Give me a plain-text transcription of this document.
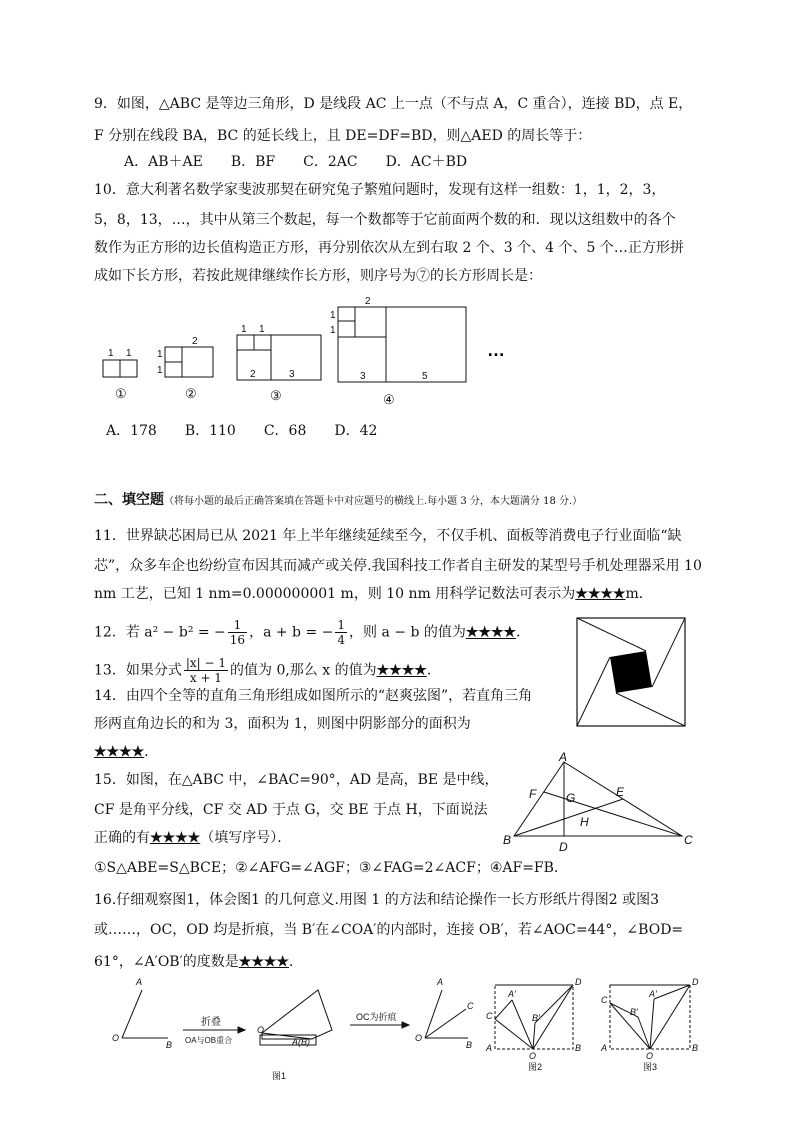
9．如图，△ABC 是等边三角形，D 是线段 AC 上一点（不与点 A，C 重合），连接 BD，点 E，
F 分别在线段 BA，BC 的延长线上，且 DE=DF=BD，则△AED 的周长等于：
A．AB＋AE　　B．BF　　C．2AC　　D．AC＋BD
10．意大利著名数学家斐波那契在研究兔子繁殖问题时，发现有这样一组数：1，1，2，3，
5，8，13，…，其中从第三个数起，每一个数都等于它前面两个数的和．现以这组数中的各个
数作为正方形的边长值构造正方形，再分别依次从左到右取 2 个、3 个、4 个、5 个…正方形拼
成如下长方形，若按此规律继续作长方形，则序号为⑦的长方形周长是：
1 1	1
1
2
1 1
2	3
2
1
1
3	5
①	②	③	④
…
A．178　　B．110　　C．68　　D．42
二、填空题（将每小题的最后正确答案填在答题卡中对应题号的横线上.每小题 3 分，本大题满分 18 分.）
11．世界缺芯困局已从 2021 年上半年继续延续至今，不仅手机、面板等消费电子行业面临“缺
芯”，众多车企也纷纷宣布因其而减产或关停.我国科技工作者自主研发的某型号手机处理器采用 10
nm 工艺，已知 1 nm=0.000000001 m，则 10 nm 用科学记数法可表示为★★★★m．
12．若 a² − b² = − $\frac{1}{16}$ ，a + b = − $\frac{1}{4}$ ，则 a − b 的值为★★★★．
13．如果分式 $\frac{|x| - 1}{x + 1}$ 的值为 0,那么 x 的值为★★★★．
14．由四个全等的直角三角形组成如图所示的“赵爽弦图”，若直角三角
形两直角边长的和为 3，面积为 1，则图中阴影部分的面积为
★★★★．
15．如图，在△ABC 中，∠BAC=90°，AD 是高，BE 是中线，
CF 是角平分线，CF 交 AD 于点 G，交 BE 于点 H，下面说法
正确的有★★★★（填写序号）．
①S△ABE=S△BCE；②∠AFG=∠AGF；③∠FAG=2∠ACF；④AF=FB．
A
B	C
D
E
F G
H
16.仔细观察图1，体会图1 的几何意义.用图 1 的方法和结论操作一长方形纸片得图2 或图3
或……，OC，OD 均是折痕，当 B′在∠COA′的内部时，连接 OB′，若∠AOC=44°，∠BOD=
61°，∠A′OB′的度数是★★★★．
A
O
B
O
A(B)
A
O
B
C
D
C
A	B
O
A′
B′
D
C
A	B
O
A′
B′
折叠
OA与OB重合
OC为折痕
图1
图2	图3
